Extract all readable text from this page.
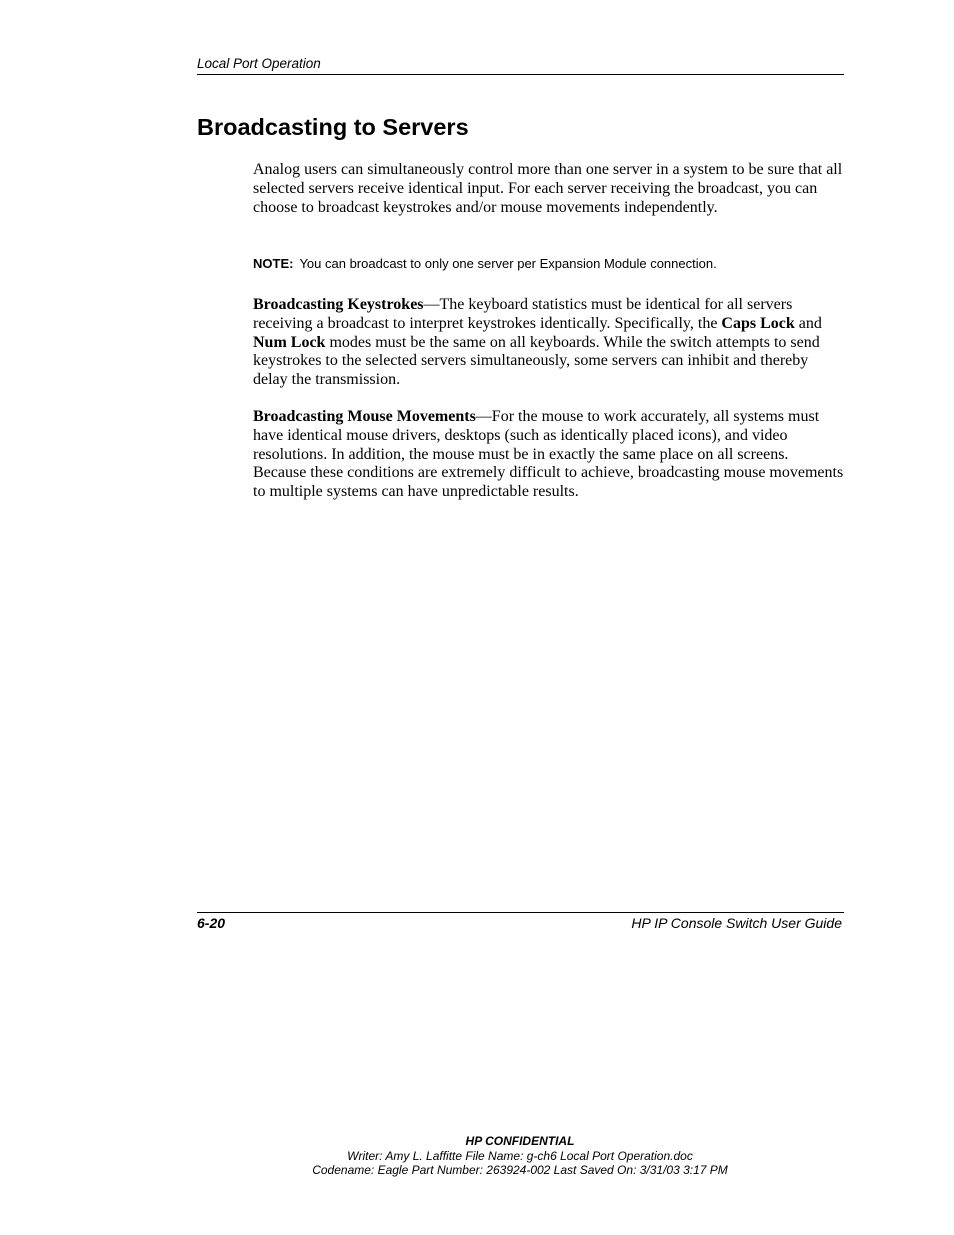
Local Port Operation
Broadcasting to Servers

Analog users can simultaneously control more than one server in a system to be sure that all selected servers receive identical input. For each server receiving the broadcast, you can choose to broadcast keystrokes and/or mouse movements independently.

NOTE: You can broadcast to only one server per Expansion Module connection.

Broadcasting Keystrokes—The keyboard statistics must be identical for all servers receiving a broadcast to interpret keystrokes identically. Specifically, the Caps Lock and Num Lock modes must be the same on all keyboards. While the switch attempts to send keystrokes to the selected servers simultaneously, some servers can inhibit and thereby delay the transmission.

Broadcasting Mouse Movements—For the mouse to work accurately, all systems must have identical mouse drivers, desktops (such as identically placed icons), and video resolutions. In addition, the mouse must be in exactly the same place on all screens. Because these conditions are extremely difficult to achieve, broadcasting mouse movements to multiple systems can have unpredictable results.

6-20	HP IP Console Switch User Guide
HP CONFIDENTIAL
Writer: Amy L. Laffitte File Name: g-ch6 Local Port Operation.doc
Codename: Eagle Part Number: 263924-002 Last Saved On: 3/31/03 3:17 PM
